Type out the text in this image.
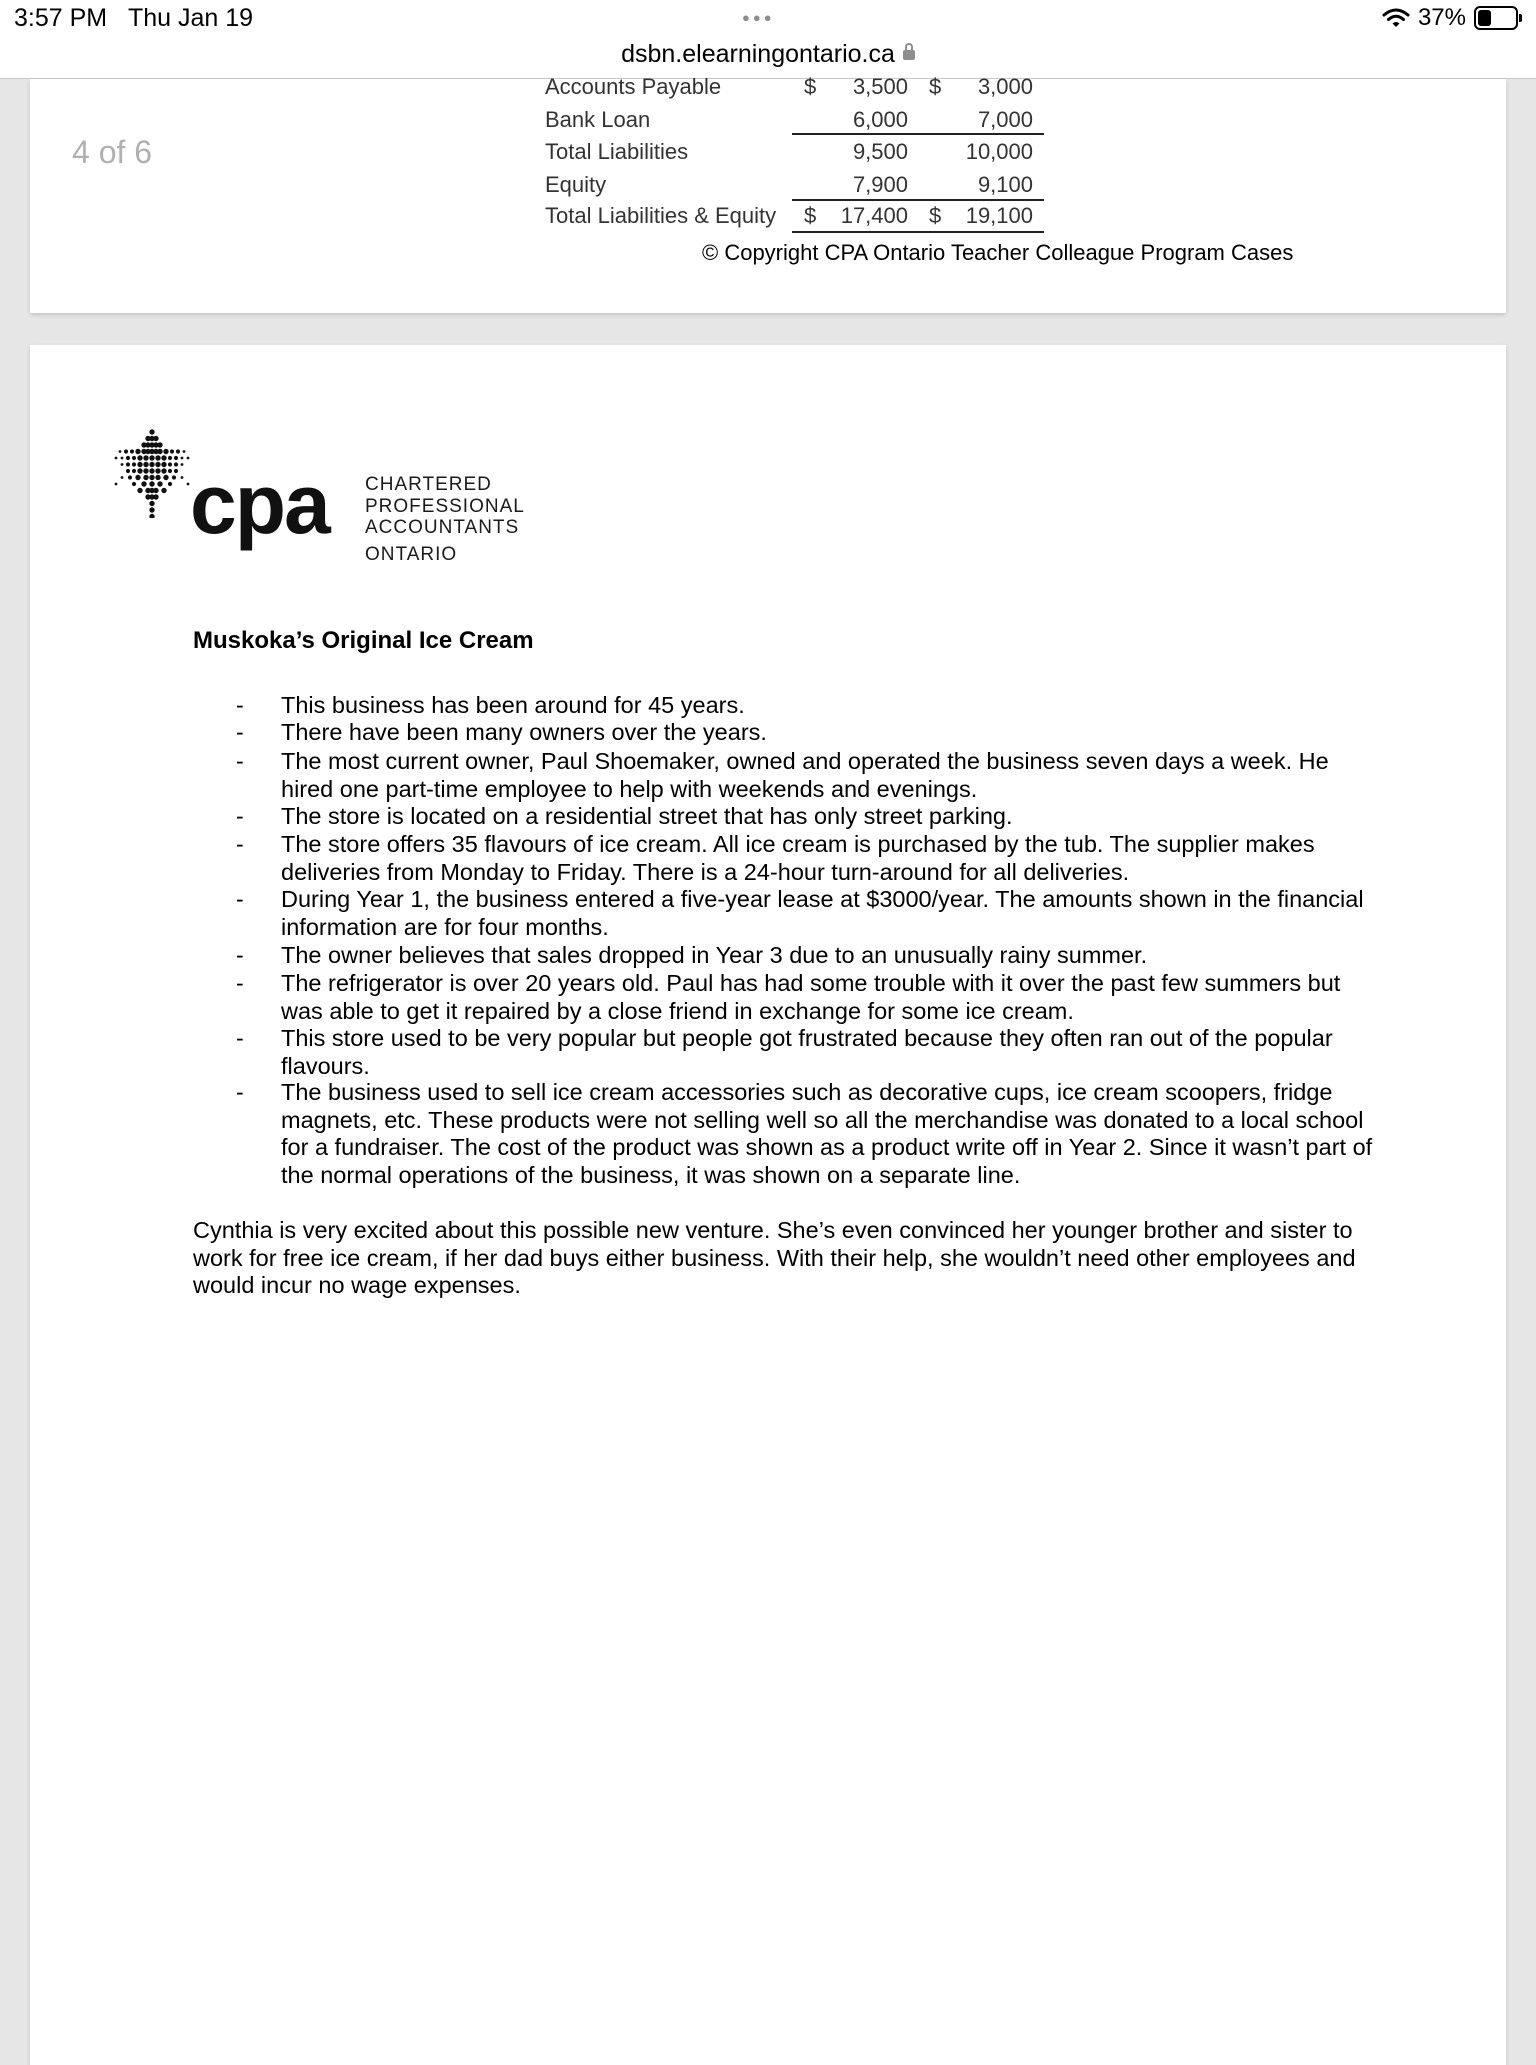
3:57 PM Thu Jan 19	●●●	37%
dsbn.elearningontario.ca
4 of 6
Accounts Payable	$	3,500 $	3,000
Bank Loan	6,000	7,000
Total Liabilities	9,500	10,000
Equity	7,900	9,100
Total Liabilities & Equity $	17,400 $	19,100
© Copyright CPA Ontario Teacher Colleague Program Cases
cpa CHARTERED
PROFESSIONAL
ACCOUNTANTS
ONTARIO
Muskoka’s Original Ice Cream
- This business has been around for 45 years.
- There have been many owners over the years.
- The most current owner, Paul Shoemaker, owned and operated the business seven days a week. He hired one part-time employee to help with weekends and evenings.
- The store is located on a residential street that has only street parking.
- The store offers 35 flavours of ice cream. All ice cream is purchased by the tub. The supplier makes deliveries from Monday to Friday. There is a 24-hour turn-around for all deliveries.
- During Year 1, the business entered a five-year lease at $3000/year. The amounts shown in the financial information are for four months.
- The owner believes that sales dropped in Year 3 due to an unusually rainy summer.
- The refrigerator is over 20 years old. Paul has had some trouble with it over the past few summers but was able to get it repaired by a close friend in exchange for some ice cream.
- This store used to be very popular but people got frustrated because they often ran out of the popular flavours.
- The business used to sell ice cream accessories such as decorative cups, ice cream scoopers, fridge magnets, etc. These products were not selling well so all the merchandise was donated to a local school for a fundraiser. The cost of the product was shown as a product write off in Year 2. Since it wasn’t part of the normal operations of the business, it was shown on a separate line.
Cynthia is very excited about this possible new venture. She’s even convinced her younger brother and sister to work for free ice cream, if her dad buys either business. With their help, she wouldn’t need other employees and would incur no wage expenses.
